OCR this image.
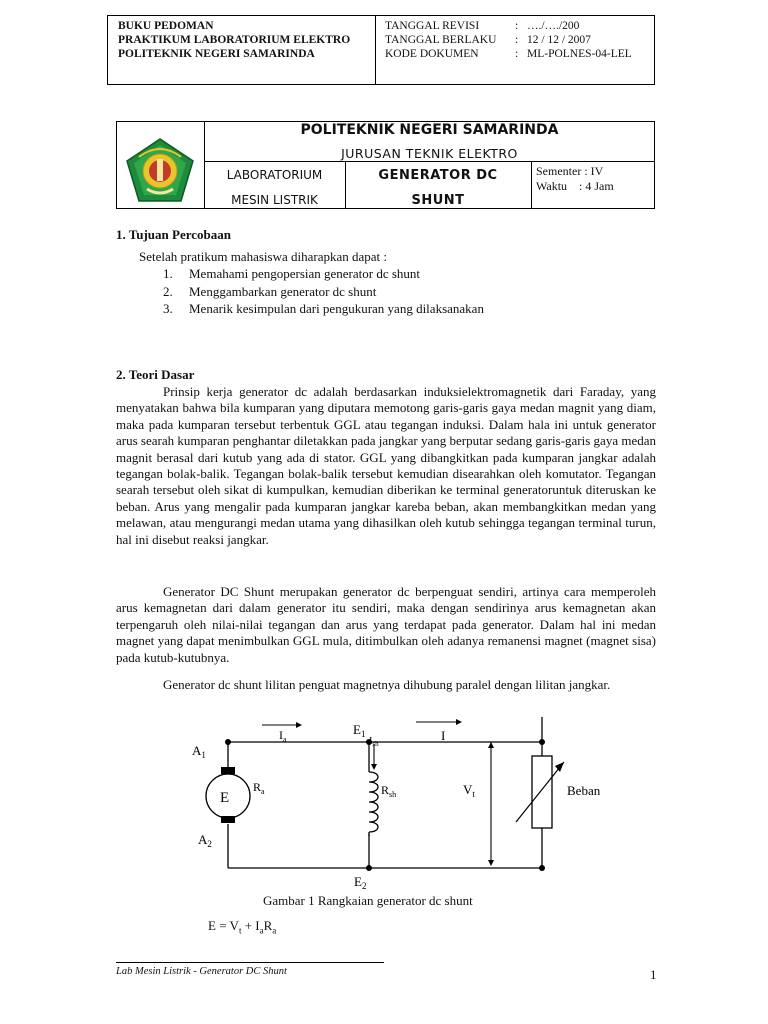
BUKU PEDOMAN
PRAKTIKUM LABORATORIUM ELEKTRO
POLITEKNIK NEGERI SAMARINDA
TANGGAL REVISI	: …./…./200
TANGGAL BERLAKU	: 12 / 12 / 2007
KODE DOKUMEN	: ML-POLNES-04-LEL
POLITEKNIK NEGERI SAMARINDA
JURUSAN TEKNIK ELEKTRO
LABORATORIUM
MESIN LISTRIK
GENERATOR DC
SHUNT
Sementer : IV
Waktu    : 4 Jam
1. Tujuan Percobaan
Setelah pratikum mahasiswa diharapkan dapat :
1. Memahami pengopersian generator dc shunt
2. Menggambarkan generator dc shunt
3. Menarik kesimpulan dari pengukuran yang dilaksanakan
2. Teori Dasar
Prinsip kerja generator dc adalah berdasarkan induksielektromagnetik dari Faraday, yang menyatakan bahwa bila kumparan yang diputara memotong garis-garis gaya medan magnit yang diam, maka pada kumparan tersebut terbentuk GGL atau tegangan induksi. Dalam hala ini untuk generator arus searah kumparan penghantar diletakkan pada jangkar yang berputar sedang garis-garis gaya medan magnit berasal dari kutub yang ada di stator. GGL yang dibangkitkan pada kumparan jangkar adalah tegangan bolak-balik. Tegangan bolak-balik tersebut kemudian disearahkan oleh komutator. Tegangan searah tersebut oleh sikat di kumpulkan, kemudian diberikan ke terminal generatoruntuk diteruskan ke beban. Arus yang mengalir pada kumparan jangkar kareba beban, akan membangkitkan medan yang melawan, atau mengurangi medan utama yang dihasilkan oleh kutub sehingga tegangan terminal turun, hal ini disebut reaksi jangkar.
Generator DC Shunt merupakan generator dc berpenguat sendiri, artinya cara memperoleh arus kemagnetan dari dalam generator itu sendiri, maka dengan sendirinya arus kemagnetan akan terpengaruh oleh nilai-nilai tegangan dan arus yang terdapat pada generator. Dalam hal ini medan magnet yang dapat menimbulkan GGL mula, ditimbulkan oleh adanya remanensi magnet (magnet sisa) pada kutub-kutubnya.
Generator dc shunt lilitan penguat magnetnya dihubung paralel dengan lilitan jangkar.
$A_1$
E
$R_a$
$A_2$
$I_a$
$E_1$
$I_{sh}$
I
$R_{sh}$	$V_t$	Beban
$E_2$
Gambar 1 Rangkaian generator dc shunt
$E = V_t + I_aR_a$
Lab Mesin Listrik - Generator DC Shunt	1
